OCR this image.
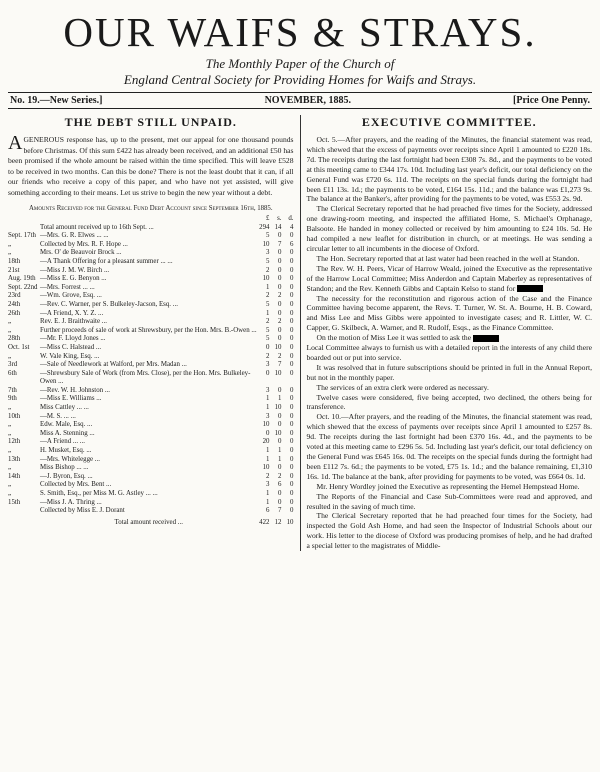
OUR WAIFS & STRAYS.
The Monthly Paper of the Church of
England Central Society for Providing Homes for Waifs and Strays.
No. 19.—New Series.]	NOVEMBER, 1885.	[Price One Penny.
THE DEBT STILL UNPAID.

AGENEROUS response has, up to the present, met our appeal for one thousand pounds before Christmas. Of this sum £422 has already been received, and an additional £50 has been promised if the whole amount be raised within the time specified. This will leave £528 to be received in two months. Can this be done? There is not the least doubt that it can, if all our friends who receive a copy of this paper, and who have not yet assisted, will give something according to their means. Let us strive to begin the new year without a debt.

Amounts Received for the General Fund Debt Account since September 16th, 1885.
		£	s.	d.
	Total amount received up to 16th Sept. ...	294	14	4
Sept. 17th	—Mrs. G. R. Elwes ... ...	5	0	0
„	Collected by Mrs. R. F. Hope ...	10	7	6
„	Mrs. O' de Beauvoir Brock ...	3	0	0
18th	—A Thank Offering for a pleasant summer ... ...	5	0	0
21st	—Miss J. M. W. Birch ...	2	0	0
Aug. 19th	—Miss E. G. Benyon ...	10	0	0
Sept. 22nd	—Mrs. Forrest ... ...	1	0	0
23rd	—Wm. Grove, Esq. ...	2	2	0
24th	—Rev. C. Warner, per S. Bulkeley-Jacson, Esq. ...	5	0	0
26th	—A Friend, X. Y. Z. ...	1	0	0
„	Rev. E. J. Braithwaite ...	2	2	0
„	Further proceeds of sale of work at Shrewsbury, per the Hon. Mrs. B.-Owen ...	5	0	0
28th	—Mr. F. Lloyd Jones ...	5	0	0
Oct. 1st	—Miss C. Halstead ...	0	10	0
„	W. Vale King, Esq. ...	2	2	0
3rd	—Sale of Needlework at Walford, per Mrs. Madan ...	3	7	0
6th	—Shrewsbury Sale of Work (from Mrs. Close), per the Hon. Mrs. Bulkeley-Owen ...	0	10	0
7th	—Rev. W. H. Johnston ...	3	0	0
9th	—Miss E. Williams ...	1	1	0
„	Miss Cattley ... ...	1	10	0
10th	—M. S. ... ...	3	0	0
„	Edw. Male, Esq. ...	10	0	0
„	Miss A. Stenning ...	0	10	0
12th	—A Friend ... ...	20	0	0
„	H. Musket, Esq. ...	1	1	0
13th	—Mrs. Whitelegge ...	1	1	0
„	Miss Bishop ... ...	10	0	0
14th	—J. Byron, Esq. ...	2	2	0
„	Collected by Mrs. Bent ...	3	6	0
„	S. Smith, Esq., per Miss M. G. Astley ... ...	1	0	0
15th	—Miss J. A. Thring ...	1	0	0
	Collected by Miss E. J. Dorant	6	7	0
	Total amount received ...	422	12	10
EXECUTIVE COMMITTEE.

Oct. 5.—After prayers, and the reading of the Minutes, the financial statement was read, which shewed that the excess of payments over receipts since April 1 amounted to £220 18s. 7d. The receipts during the last fortnight had been £308 7s. 8d., and the payments to be voted at this meeting came to £344 17s. 10d. Including last year's deficit, our total deficiency on the General Fund was £720 6s. 11d. The receipts on the special funds during the fortnight had been £11 13s. 1d.; the payments to be voted, £164 15s. 11d.; and the balance was £1,273 9s. The balance at the Banker's, after providing for the payments to be voted, was £553 2s. 9d.

The Clerical Secretary reported that he had preached five times for the Society, addressed one drawing-room meeting, and inspected the affiliated Home, S. Michael's Orphanage, Balsoote. He handed in money collected or received by him amounting to £24 10s. 5d. He had compiled a new leaflet for distribution in church, or at meetings. He was sending a circular letter to all incumbents in the diocese of Oxford.

The Hon. Secretary reported that at last water had been reached in the well at Standon.

The Rev. W. H. Peers, Vicar of Harrow Weald, joined the Executive as the representative of the Harrow Local Committee; Miss Anderdon and Captain Maberley as representatives of Standon; and the Rev. Kenneth Gibbs and Captain Kelso to stand for

The necessity for the reconstitution and rigorous action of the Case and the Finance Committee having become apparent, the Revs. T. Turner, W. St. A. Bourne, H. B. Coward, and Miss Lee and Miss Gibbs were appointed to investigate cases; and R. Littler, W. C. Capper, G. Skilbeck, A. Warner, and R. Rudolf, Esqs., as the Finance Committee.

On the motion of Miss Lee it was settled to ask the

Local Committee always to furnish us with a detailed report in the interests of any child there boarded out or put into service.

It was resolved that in future subscriptions should be printed in full in the Annual Report, but not in the monthly paper.

The services of an extra clerk were ordered as necessary.

Twelve cases were considered, five being accepted, two declined, the others being for transference.

Oct. 10.—After prayers, and the reading of the Minutes, the financial statement was read, which shewed that the excess of payments over receipts since April 1 amounted to £257 8s. 9d. The receipts during the last fortnight had been £370 16s. 4d., and the payments to be voted at this meeting came to £296 5s. 5d. Including last year's deficit, our total deficiency on the General Fund was £645 16s. 0d. The receipts on the special funds during the fortnight had been £112 7s. 6d.; the payments to be voted, £75 1s. 1d.; and the balance remaining, £1,310 16s. 1d. The balance at the bank, after providing for payments to be voted, was £664 0s. 1d.

Mr. Henry Wordley joined the Executive as representing the Hemel Hempstead Home.

The Reports of the Financial and Case Sub-Committees were read and approved, and resulted in the saving of much time.

The Clerical Secretary reported that he had preached four times for the Society, had inspected the Gold Ash Home, and had seen the Inspector of Industrial Schools about our work. His letter to the diocese of Oxford was producing promises of help, and he had drafted a special letter to the magistrates of Middle-
